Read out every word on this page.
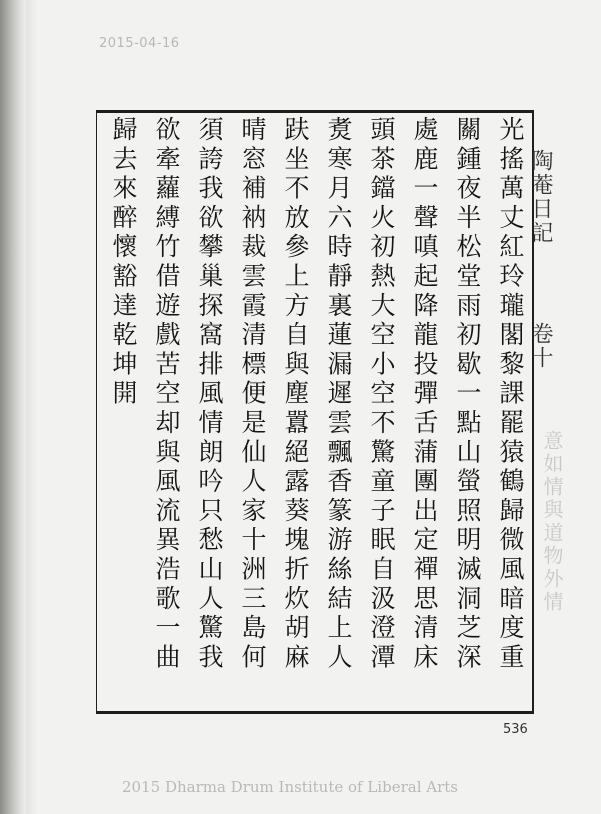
2015-04-16
陶菴日記
卷十
意如情與道物外情
光搖萬丈紅玲瓏閣黎課罷猿鶴歸微風暗度重
關鍾夜半松堂雨初歇一點山螢照明滅洞芝深
處鹿一聲嗔起降龍投彈舌蒲團出定禪思清床
頭茶鐺火初熱大空小空不驚童子眠自汲澄潭
煑寒月六時靜裏蓮漏遲雲飄香篆游絲結上人
趺坐不放參上方自與塵囂絕露葵塊折炊胡麻
晴窓補衲裁雲霞清標便是仙人家十洲三島何
須誇我欲攀巢探窩排風情朗吟只愁山人驚我
欲牽蘿縛竹借遊戲苦空却與風流異浩歌一曲
歸去來醉懷豁達乾坤開
536
2015 Dharma Drum Institute of Liberal Arts
